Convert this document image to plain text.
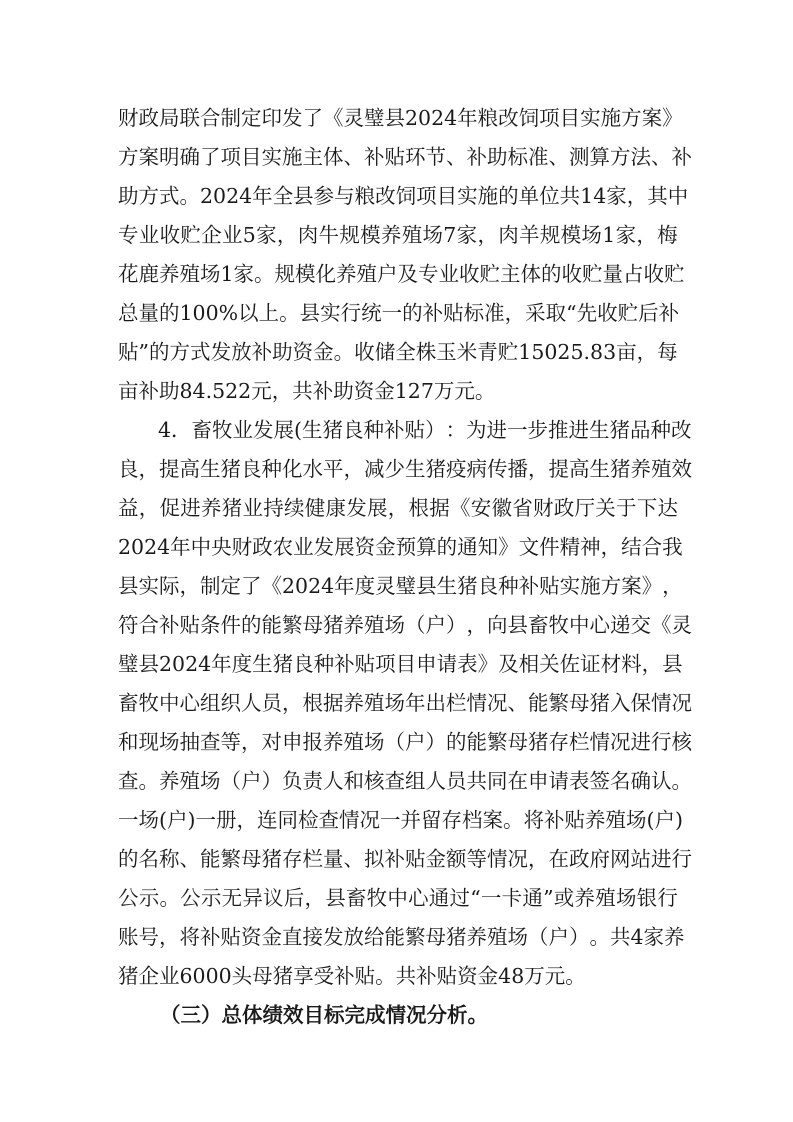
财 政 局 联 合 制 定 印 发 了 《 灵 璧 县 2024 年 粮 改 饲 项 目 实 施 方 案 》
方 案 明 确 了 项 目 实 施 主 体 、 补 贴 环 节 、 补 助 标 准 、 测 算 方 法 、 补
助 方 式 。 2024 年 全 县 参 与 粮 改 饲 项 目 实 施 的 单 位 共 14 家 ， 其 中
专 业 收 贮 企 业 5 家 ， 肉 牛 规 模 养 殖 场 7 家 ， 肉 羊 规 模 场 1 家 ， 梅
花 鹿 养 殖 场 1 家 。 规 模 化 养 殖 户 及 专 业 收 贮 主 体 的 收 贮 量 占 收 贮
总 量 的 100% 以 上 。 县 实 行 统 一 的 补 贴 标 准 ， 采 取 “ 先 收 贮 后 补
贴 ” 的 方 式 发 放 补 助 资 金 。 收 储 全 株 玉 米 青 贮 15025.83 亩 ， 每
亩 补 助 84.522 元 ， 共 补 助 资 金 127 万 元 。
4 ． 畜 牧 业 发 展 ( 生 猪 良 种 补 贴 ） ： 为 进 一 步 推 进 生 猪 品 种 改
良 ， 提 高 生 猪 良 种 化 水 平 ， 减 少 生 猪 疫 病 传 播 ， 提 高 生 猪 养 殖 效
益 ， 促 进 养 猪 业 持 续 健 康 发 展 ， 根 据 《 安 徽 省 财 政 厅 关 于 下 达
2024 年 中 央 财 政 农 业 发 展 资 金 预 算 的 通 知 》 文 件 精 神 ， 结 合 我
县 实 际 ， 制 定 了 《 2024 年 度 灵 璧 县 生 猪 良 种 补 贴 实 施 方 案 》 ，
符 合 补 贴 条 件 的 能 繁 母 猪 养 殖 场 （ 户 ） ， 向 县 畜 牧 中 心 递 交 《 灵
璧 县 2024 年 度 生 猪 良 种 补 贴 项 目 申 请 表 》 及 相 关 佐 证 材 料 ， 县
畜 牧 中 心 组 织 人 员 ， 根 据 养 殖 场 年 出 栏 情 况 、 能 繁 母 猪 入 保 情 况
和 现 场 抽 查 等 ， 对 申 报 养 殖 场 （ 户 ） 的 能 繁 母 猪 存 栏 情 况 进 行 核
查 。 养 殖 场 （ 户 ） 负 责 人 和 核 查 组 人 员 共 同 在 申 请 表 签 名 确 认 。
一 场 ( 户 ) 一 册 ， 连 同 检 查 情 况 一 并 留 存 档 案 。 将 补 贴 养 殖 场 ( 户 )
的 名 称 、 能 繁 母 猪 存 栏 量 、 拟 补 贴 金 额 等 情 况 ， 在 政 府 网 站 进 行
公 示 。 公 示 无 异 议 后 ， 县 畜 牧 中 心 通 过 “ 一 卡 通 ” 或 养 殖 场 银 行
账 号 ， 将 补 贴 资 金 直 接 发 放 给 能 繁 母 猪 养 殖 场 （ 户 ） 。 共 4 家 养
猪 企 业 6000 头 母 猪 享 受 补 贴 。 共 补 贴 资 金 48 万 元 。
（ 三 ） 总 体 绩 效 目 标 完 成 情 况 分 析 。
